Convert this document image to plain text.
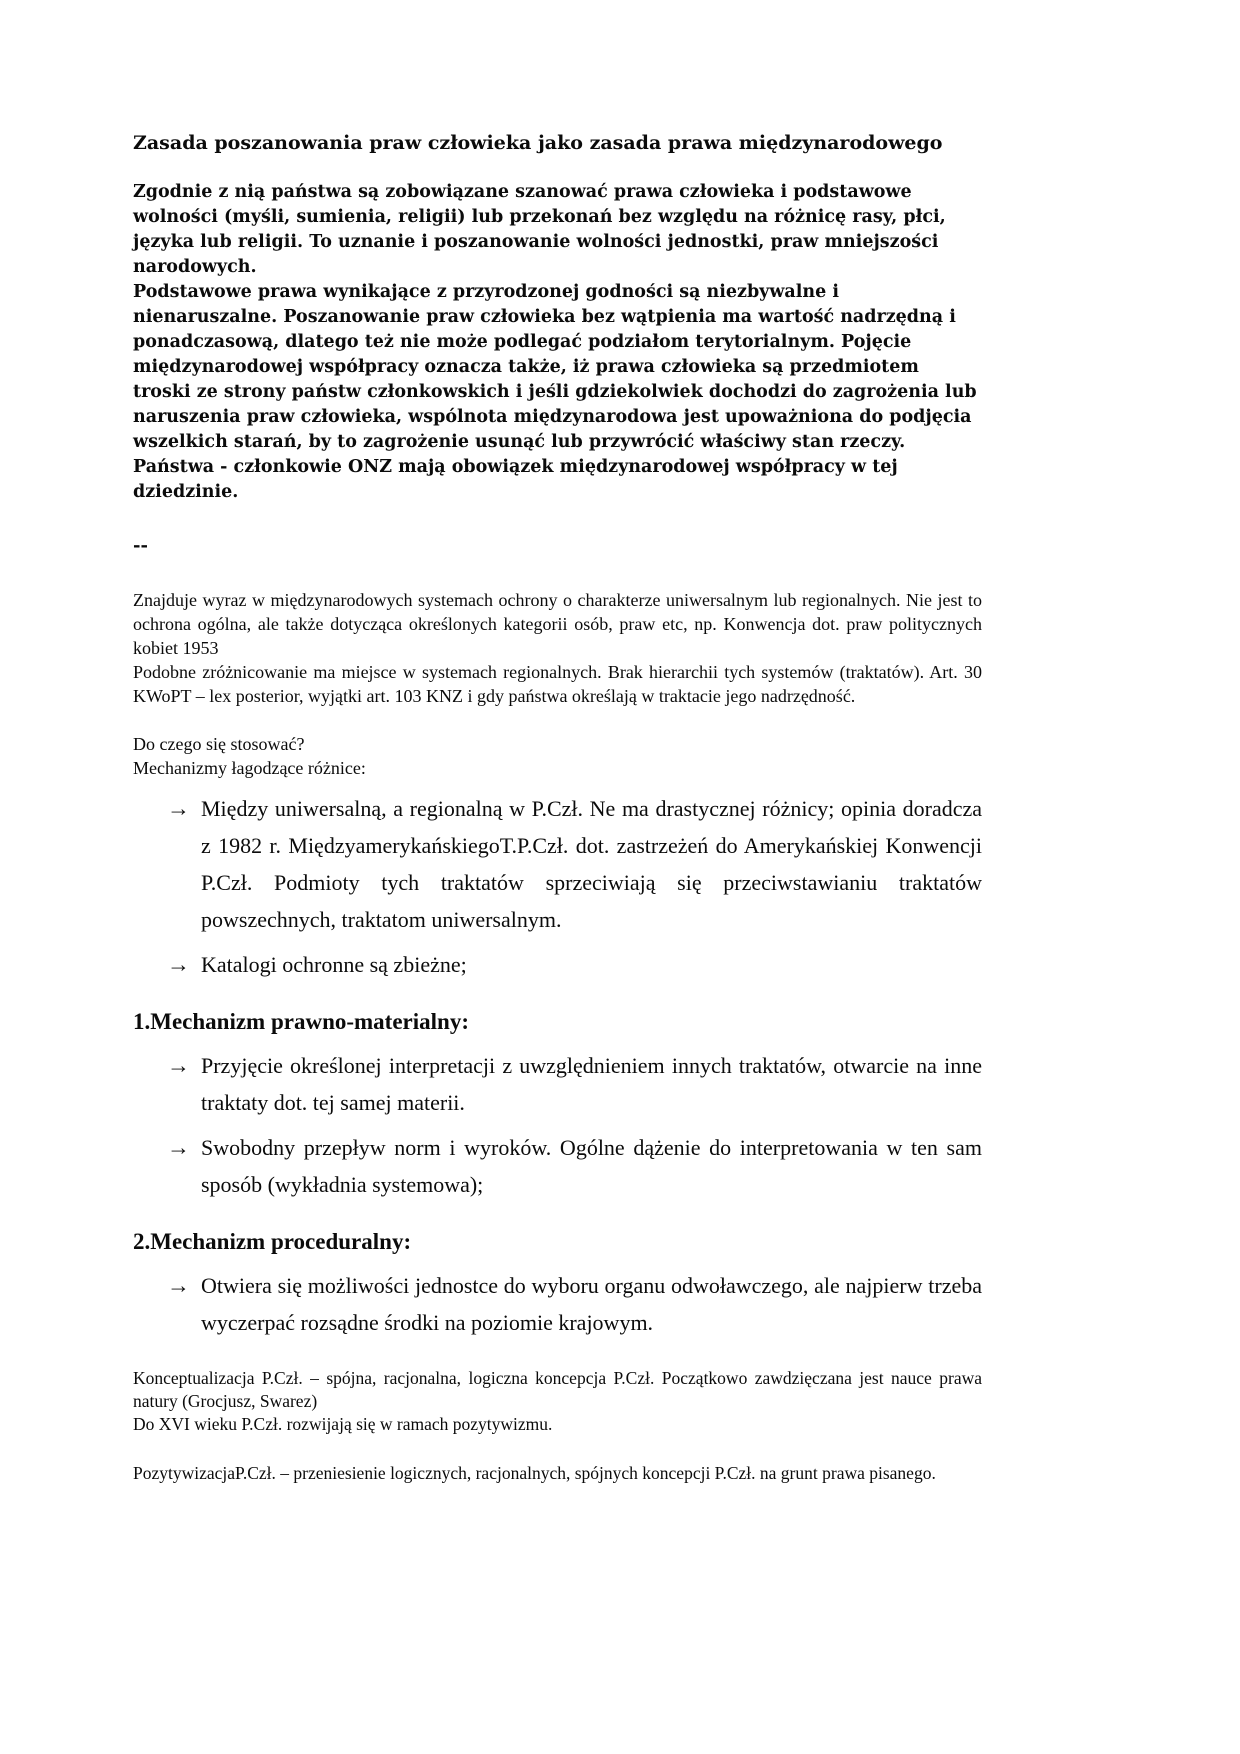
Zasada poszanowania praw człowieka jako zasada prawa międzynarodowego

Zgodnie z nią państwa są zobowiązane szanować prawa człowieka i podstawowe wolności (myśli, sumienia, religii) lub przekonań bez względu na różnicę rasy, płci, języka lub religii. To uznanie i poszanowanie wolności jednostki, praw mniejszości narodowych.

Podstawowe prawa wynikające z przyrodzonej godności są niezbywalne i nienaruszalne. Poszanowanie praw człowieka bez wątpienia ma wartość nadrzędną i ponadczasową, dlatego też nie może podlegać podziałom terytorialnym. Pojęcie międzynarodowej współpracy oznacza także, iż prawa człowieka są przedmiotem troski ze strony państw członkowskich i jeśli gdziekolwiek dochodzi do zagrożenia lub naruszenia praw człowieka, wspólnota międzynarodowa jest upoważniona do podjęcia wszelkich starań, by to zagrożenie usunąć lub przywrócić właściwy stan rzeczy. Państwa - członkowie ONZ mają obowiązek międzynarodowej współpracy w tej dziedzinie.

--

Znajduje wyraz w międzynarodowych systemach ochrony o charakterze uniwersalnym lub regionalnych. Nie jest to ochrona ogólna, ale także dotycząca określonych kategorii osób, praw etc, np. Konwencja dot. praw politycznych kobiet 1953

Podobne zróżnicowanie ma miejsce w systemach regionalnych. Brak hierarchii tych systemów (traktatów). Art. 30 KWoPT – lex posterior, wyjątki art. 103 KNZ i gdy państwa określają w traktacie jego nadrzędność.

Do czego się stosować?

Mechanizmy łagodzące różnice:

→ Między uniwersalną, a regionalną w P.Czł. Ne ma drastycznej różnicy; opinia doradcza z 1982 r. MiędzyamerykańskiegoT.P.Czł. dot. zastrzeżeń do Amerykańskiej Konwencji P.Czł. Podmioty tych traktatów sprzeciwiają się przeciwstawianiu traktatów powszechnych, traktatom uniwersalnym.
→ Katalogi ochronne są zbieżne;
1.Mechanizm prawno-materialny:
→ Przyjęcie określonej interpretacji z uwzględnieniem innych traktatów, otwarcie na inne traktaty dot. tej samej materii.
→ Swobodny przepływ norm i wyroków. Ogólne dążenie do interpretowania w ten sam sposób (wykładnia systemowa);
2.Mechanizm proceduralny:
→ Otwiera się możliwości jednostce do wyboru organu odwoławczego, ale najpierw trzeba wyczerpać rozsądne środki na poziomie krajowym.

Konceptualizacja P.Czł. – spójna, racjonalna, logiczna koncepcja P.Czł. Początkowo zawdzięczana jest nauce prawa natury (Grocjusz, Swarez)

Do XVI wieku P.Czł. rozwijają się w ramach pozytywizmu.

PozytywizacjaP.Czł. – przeniesienie logicznych, racjonalnych, spójnych koncepcji P.Czł. na grunt prawa pisanego.
